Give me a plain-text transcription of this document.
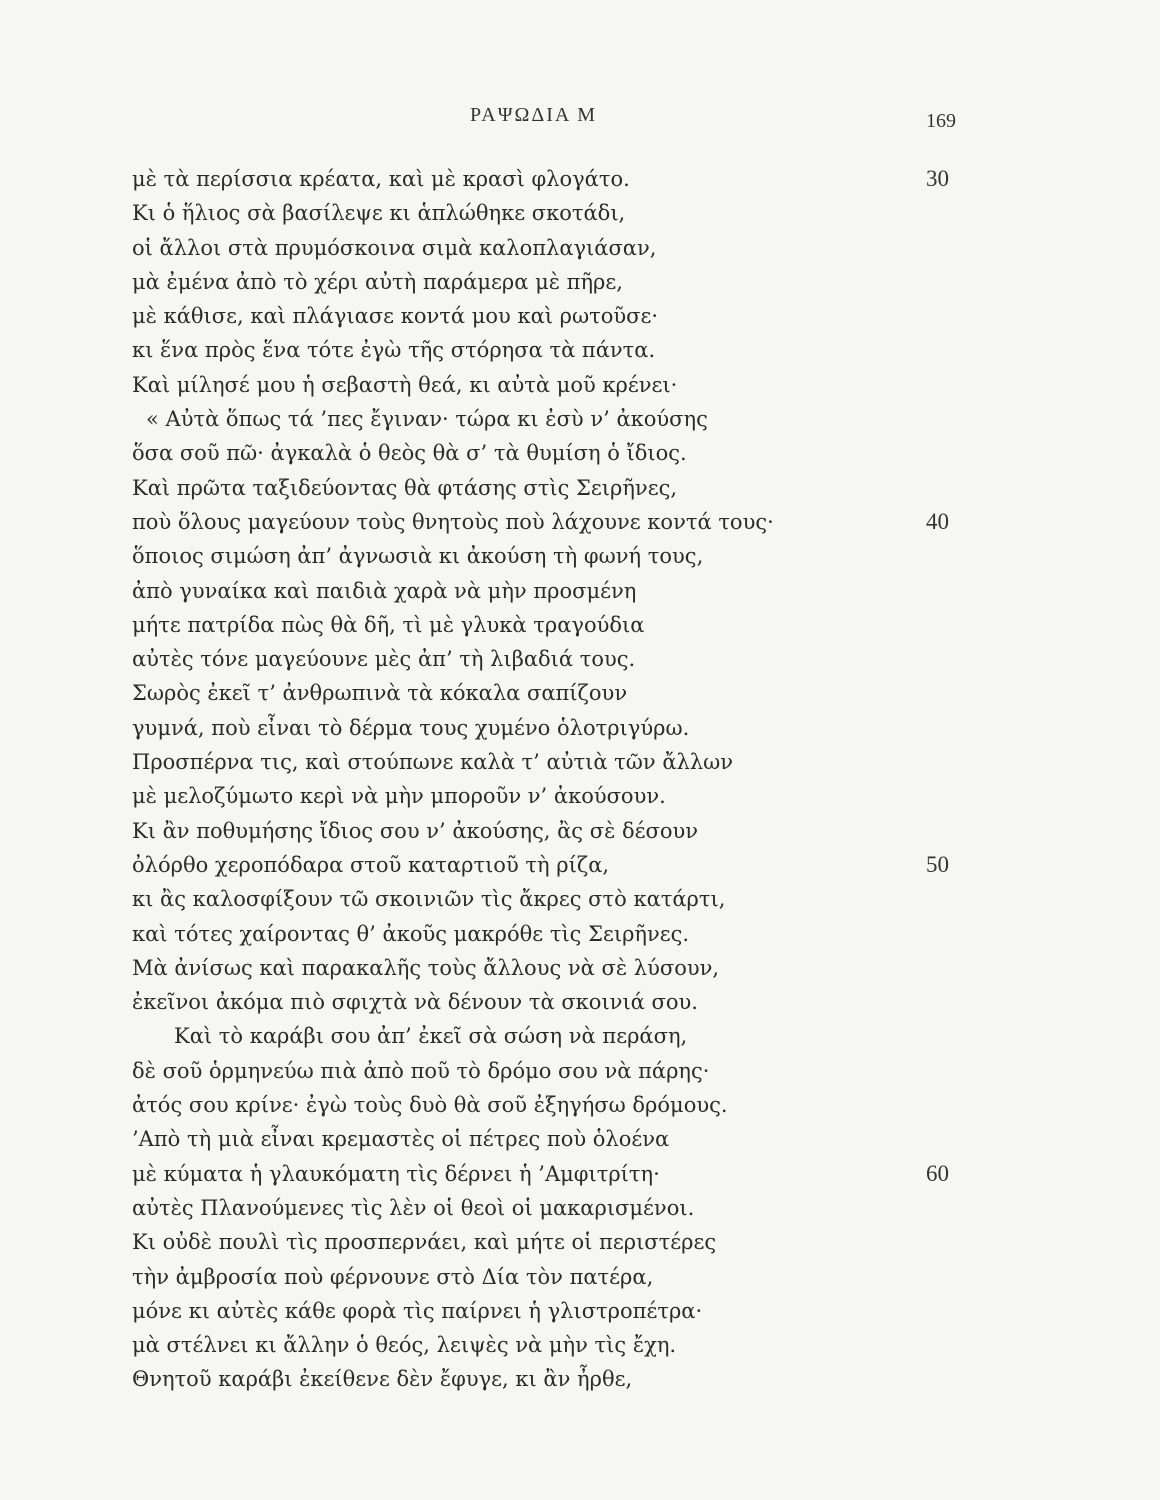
ΡΑΨΩΔΙΑ Μ	169
μὲ τὰ περίσσια κρέατα, καὶ μὲ κρασὶ φλογάτο.	30
Κι ὁ ἥλιος σὰ βασίλεψε κι ἁπλώθηκε σκοτάδι,
οἱ ἄλλοι στὰ πρυμόσκοινα σιμὰ καλοπλαγιάσαν,
μὰ ἐμένα ἀπὸ τὸ χέρι αὐτὴ παράμερα μὲ πῆρε,
μὲ κάθισε, καὶ πλάγιασε κοντά μου καὶ ρωτοῦσε·
κι ἕνα πρὸς ἕνα τότε ἐγὼ τῆς στόρησα τὰ πάντα.
Καὶ μίλησέ μου ἡ σεβαστὴ θεά, κι αὐτὰ μοῦ κρένει·
« Αὐτὰ ὅπως τά ’πες ἔγιναν· τώρα κι ἐσὺ ν’ ἀκούσης
ὅσα σοῦ πῶ· ἀγκαλὰ ὁ θεὸς θὰ σ’ τὰ θυμίση ὁ ἴδιος.
Καὶ πρῶτα ταξιδεύοντας θὰ φτάσης στὶς Σειρῆνες,
ποὺ ὅλους μαγεύουν τοὺς θνητοὺς ποὺ λάχουνε κοντά τους·	40
ὅποιος σιμώση ἀπ’ ἀγνωσιὰ κι ἀκούση τὴ φωνή τους,
ἀπὸ γυναίκα καὶ παιδιὰ χαρὰ νὰ μὴν προσμένη
μήτε πατρίδα πὼς θὰ δῆ, τὶ μὲ γλυκὰ τραγούδια
αὐτὲς τόνε μαγεύουνε μὲς ἀπ’ τὴ λιβαδιά τους.
Σωρὸς ἐκεῖ τ’ ἀνθρωπινὰ τὰ κόκαλα σαπίζουν
γυμνά, ποὺ εἶναι τὸ δέρμα τους χυμένο ὁλοτριγύρω.
Προσπέρνα τις, καὶ στούπωνε καλὰ τ’ αὐτιὰ τῶν ἄλλων
μὲ μελοζύμωτο κερὶ νὰ μὴν μποροῦν ν’ ἀκούσουν.
Κι ἂν ποθυμήσης ἴδιος σου ν’ ἀκούσης, ἂς σὲ δέσουν
ὀλόρθο χεροπόδαρα στοῦ καταρτιοῦ τὴ ρίζα,	50
κι ἂς καλοσφίξουν τῶ σκοινιῶν τὶς ἄκρες στὸ κατάρτι,
καὶ τότες χαίροντας θ’ ἀκοῦς μακρόθε τὶς Σειρῆνες.
Μὰ ἀνίσως καὶ παρακαλῆς τοὺς ἄλλους νὰ σὲ λύσουν,
ἐκεῖνοι ἀκόμα πιὸ σφιχτὰ νὰ δένουν τὰ σκοινιά σου.
Καὶ τὸ καράβι σου ἀπ’ ἐκεῖ σὰ σώση νὰ περάση,
δὲ σοῦ ὁρμηνεύω πιὰ ἀπὸ ποῦ τὸ δρόμο σου νὰ πάρης·
ἀτός σου κρίνε· ἐγὼ τοὺς δυὸ θὰ σοῦ ἐξηγήσω δρόμους.
’Απὸ τὴ μιὰ εἶναι κρεμαστὲς οἱ πέτρες ποὺ ὁλοένα
μὲ κύματα ἡ γλαυκόματη τὶς δέρνει ἡ ’Αμφιτρίτη·	60
αὐτὲς Πλανούμενες τὶς λὲν οἱ θεοὶ οἱ μακαρισμένοι.
Κι οὐδὲ πουλὶ τὶς προσπερνάει, καὶ μήτε οἱ περιστέρες
τὴν ἀμβροσία ποὺ φέρνουνε στὸ Δία τὸν πατέρα,
μόνε κι αὐτὲς κάθε φορὰ τὶς παίρνει ἡ γλιστροπέτρα·
μὰ στέλνει κι ἄλλην ὁ θεός, λειψὲς νὰ μὴν τὶς ἔχη.
Θνητοῦ καράβι ἐκείθενε δὲν ἔφυγε, κι ἂν ἦρθε,
